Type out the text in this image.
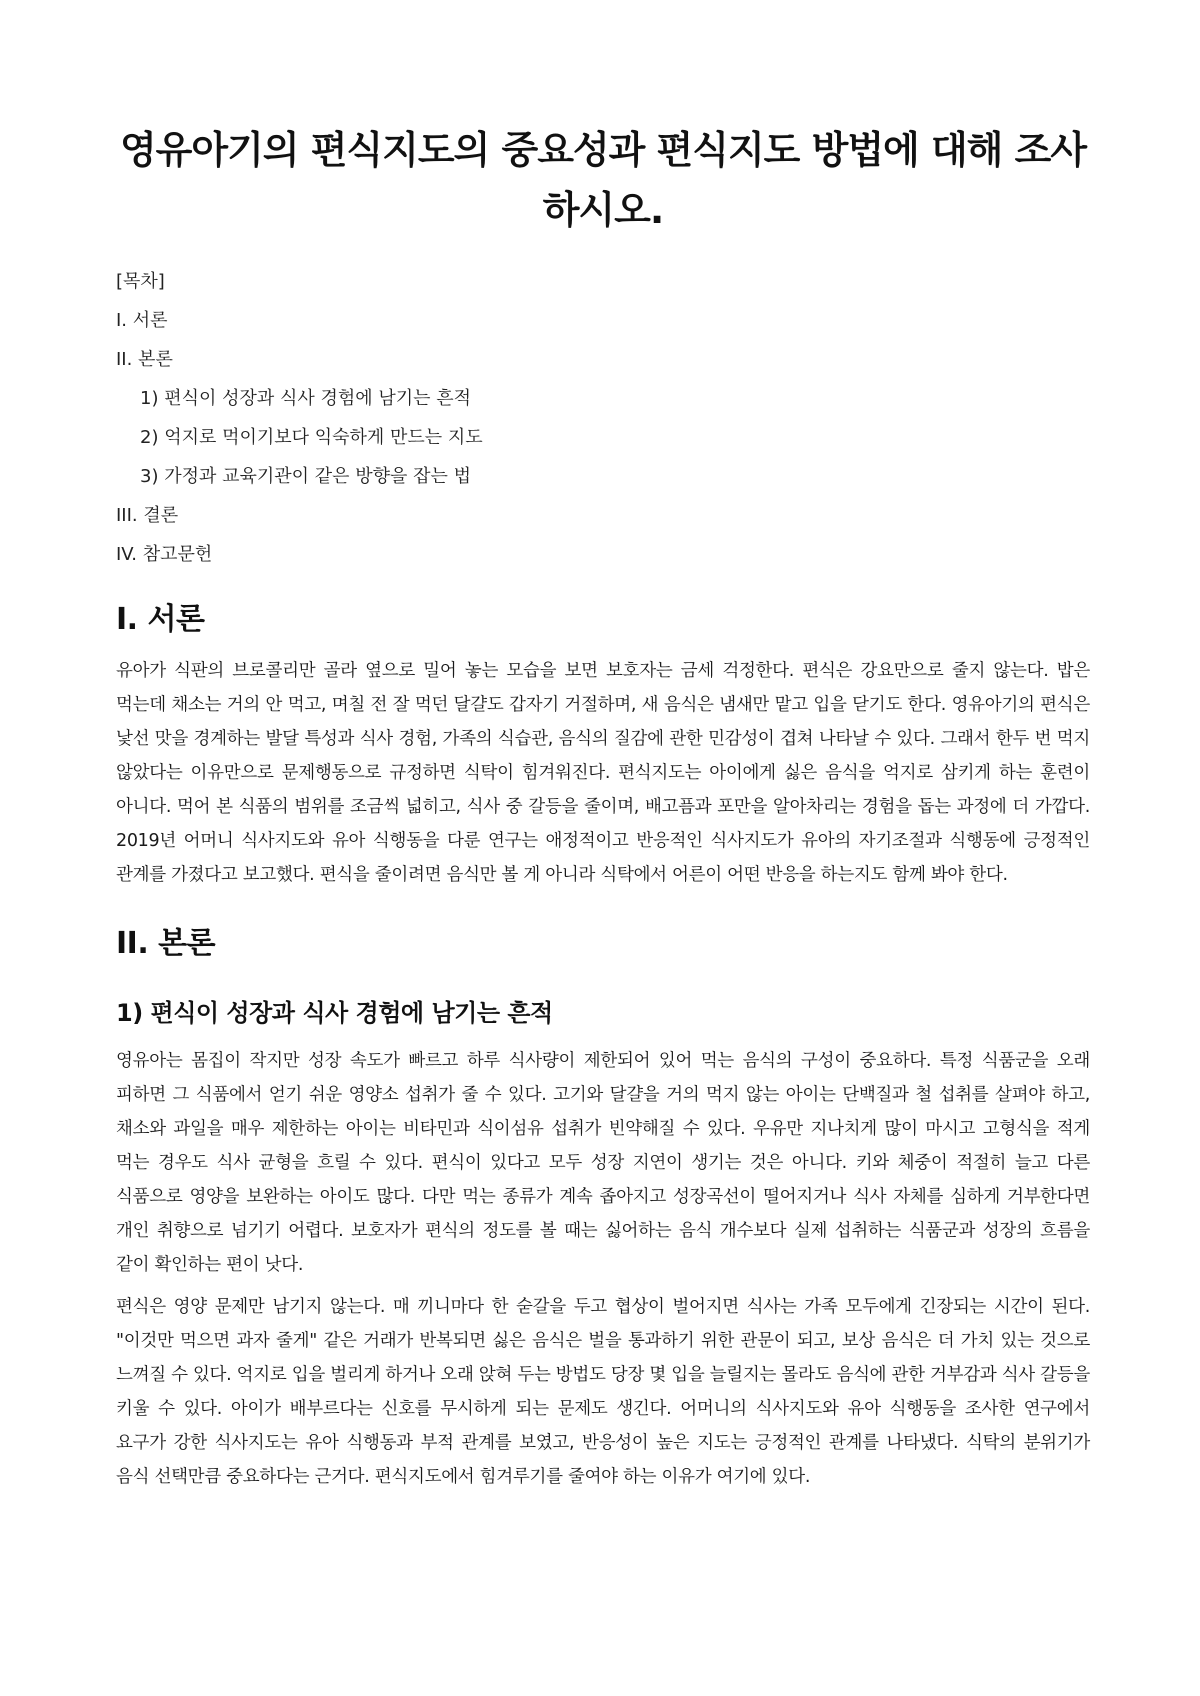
영유아기의 편식지도의 중요성과 편식지도 방법에 대해 조사하시오.
[목차]
I. 서론
II. 본론
1) 편식이 성장과 식사 경험에 남기는 흔적
2) 억지로 먹이기보다 익숙하게 만드는 지도
3) 가정과 교육기관이 같은 방향을 잡는 법
III. 결론
IV. 참고문헌
I. 서론

유아가 식판의 브로콜리만 골라 옆으로 밀어 놓는 모습을 보면 보호자는 금세 걱정한다. 편식은 강요만으로 줄지 않는다. 밥은 먹는데 채소는 거의 안 먹고, 며칠 전 잘 먹던 달걀도 갑자기 거절하며, 새 음식은 냄새만 맡고 입을 닫기도 한다. 영유아기의 편식은 낯선 맛을 경계하는 발달 특성과 식사 경험, 가족의 식습관, 음식의 질감에 관한 민감성이 겹쳐 나타날 수 있다. 그래서 한두 번 먹지 않았다는 이유만으로 문제행동으로 규정하면 식탁이 힘겨워진다. 편식지도는 아이에게 싫은 음식을 억지로 삼키게 하는 훈련이 아니다. 먹어 본 식품의 범위를 조금씩 넓히고, 식사 중 갈등을 줄이며, 배고픔과 포만을 알아차리는 경험을 돕는 과정에 더 가깝다. 2019년 어머니 식사지도와 유아 식행동을 다룬 연구는 애정적이고 반응적인 식사지도가 유아의 자기조절과 식행동에 긍정적인 관계를 가졌다고 보고했다. 편식을 줄이려면 음식만 볼 게 아니라 식탁에서 어른이 어떤 반응을 하는지도 함께 봐야 한다.

II. 본론
1) 편식이 성장과 식사 경험에 남기는 흔적

영유아는 몸집이 작지만 성장 속도가 빠르고 하루 식사량이 제한되어 있어 먹는 음식의 구성이 중요하다. 특정 식품군을 오래 피하면 그 식품에서 얻기 쉬운 영양소 섭취가 줄 수 있다. 고기와 달걀을 거의 먹지 않는 아이는 단백질과 철 섭취를 살펴야 하고, 채소와 과일을 매우 제한하는 아이는 비타민과 식이섬유 섭취가 빈약해질 수 있다. 우유만 지나치게 많이 마시고 고형식을 적게 먹는 경우도 식사 균형을 흐릴 수 있다. 편식이 있다고 모두 성장 지연이 생기는 것은 아니다. 키와 체중이 적절히 늘고 다른 식품으로 영양을 보완하는 아이도 많다. 다만 먹는 종류가 계속 좁아지고 성장곡선이 떨어지거나 식사 자체를 심하게 거부한다면 개인 취향으로 넘기기 어렵다. 보호자가 편식의 정도를 볼 때는 싫어하는 음식 개수보다 실제 섭취하는 식품군과 성장의 흐름을 같이 확인하는 편이 낫다.

편식은 영양 문제만 남기지 않는다. 매 끼니마다 한 숟갈을 두고 협상이 벌어지면 식사는 가족 모두에게 긴장되는 시간이 된다. "이것만 먹으면 과자 줄게" 같은 거래가 반복되면 싫은 음식은 벌을 통과하기 위한 관문이 되고, 보상 음식은 더 가치 있는 것으로 느껴질 수 있다. 억지로 입을 벌리게 하거나 오래 앉혀 두는 방법도 당장 몇 입을 늘릴지는 몰라도 음식에 관한 거부감과 식사 갈등을 키울 수 있다. 아이가 배부르다는 신호를 무시하게 되는 문제도 생긴다. 어머니의 식사지도와 유아 식행동을 조사한 연구에서 요구가 강한 식사지도는 유아 식행동과 부적 관계를 보였고, 반응성이 높은 지도는 긍정적인 관계를 나타냈다. 식탁의 분위기가 음식 선택만큼 중요하다는 근거다. 편식지도에서 힘겨루기를 줄여야 하는 이유가 여기에 있다.
